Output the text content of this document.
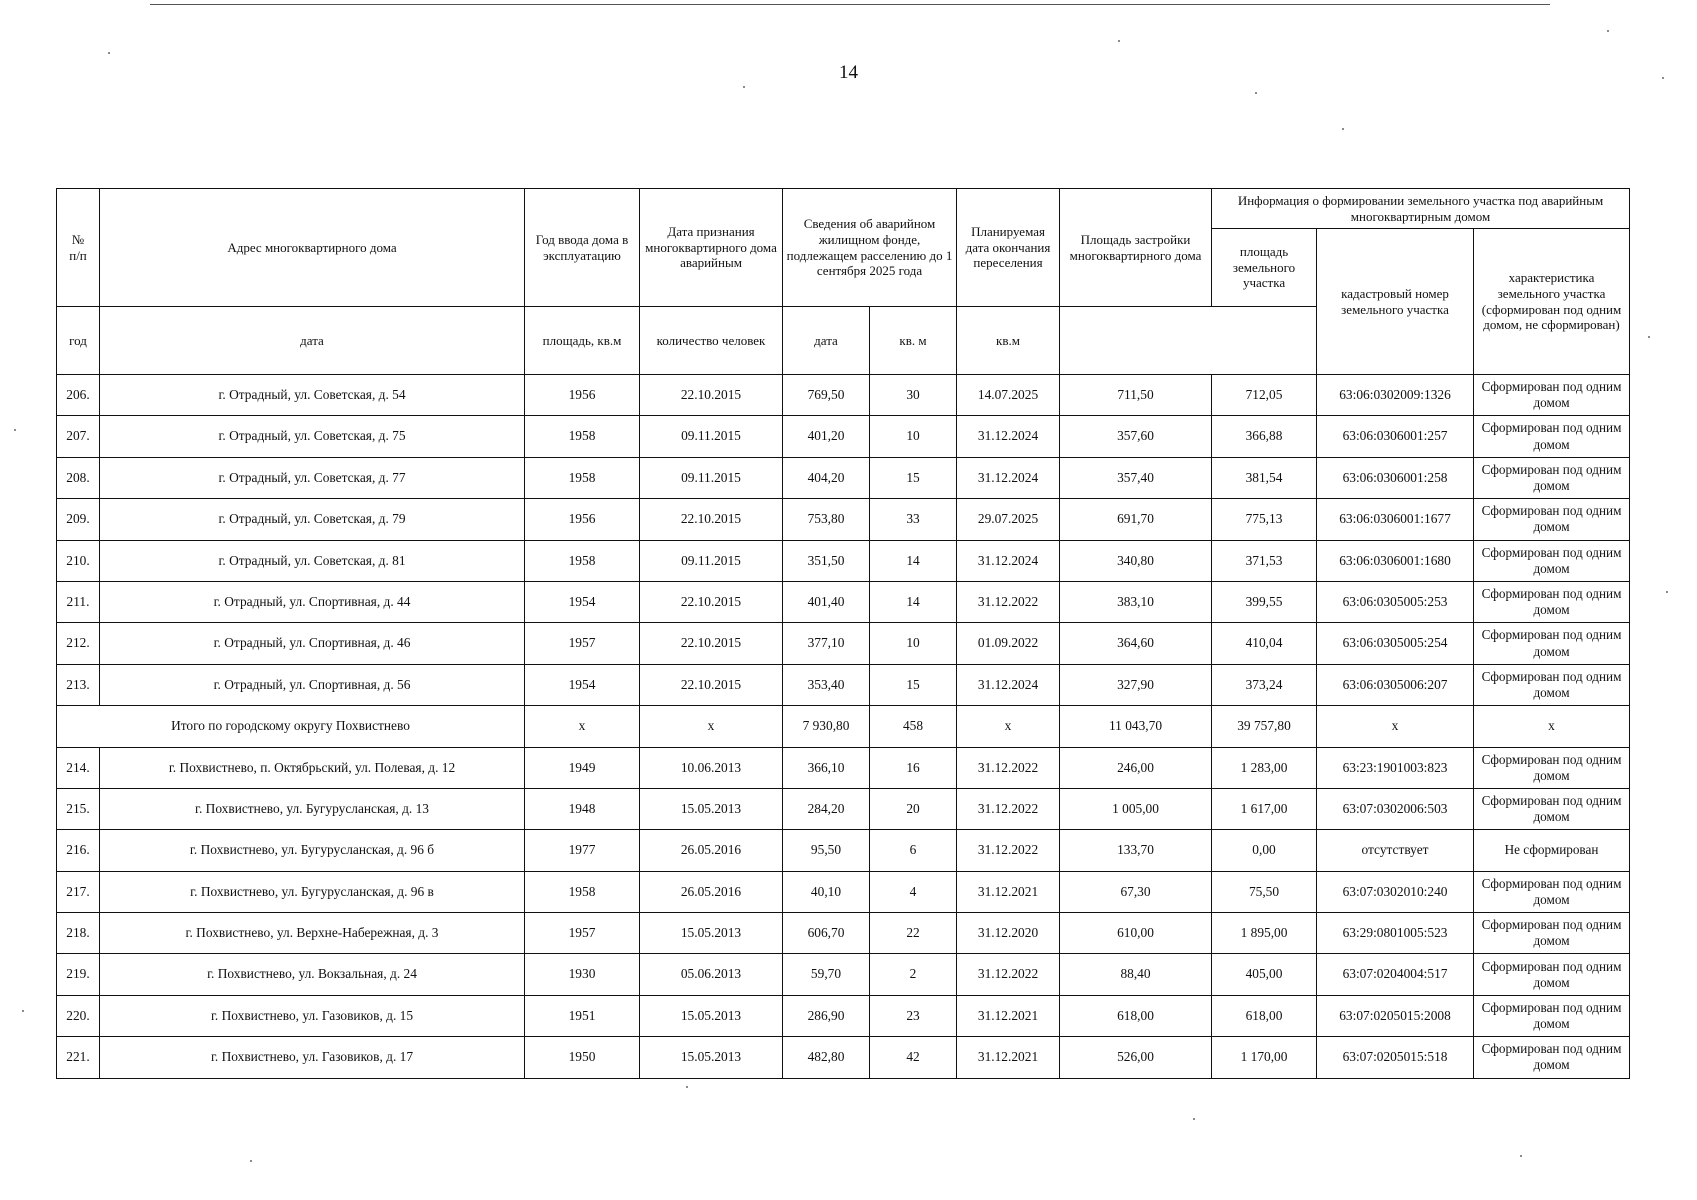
14
№
п/п	Адрес многоквартирного дома	Год ввода дома в эксплуатацию	Дата признания многоквартирного дома аварийным	Сведения об аварийном жилищном фонде, подлежащем расселению до 1 сентября 2025 года		Планируемая дата окончания переселения	Площадь застройки многоквартирного дома	Информация о формировании земельного участка под аварийным многоквартирным домом		
								площадь земельного участка	кадастровый номер земельного участка	характеристика земельного участка (сформирован под одним домом, не сформирован)
год	дата	площадь, кв.м	количество человек	дата	кв. м	кв.м				
206.	г. Отрадный, ул. Советская, д. 54	1956	22.10.2015	769,50	30	14.07.2025	711,50	712,05	63:06:0302009:1326	Сформирован под одним домом
207.	г. Отрадный, ул. Советская, д. 75	1958	09.11.2015	401,20	10	31.12.2024	357,60	366,88	63:06:0306001:257	Сформирован под одним домом
208.	г. Отрадный, ул. Советская, д. 77	1958	09.11.2015	404,20	15	31.12.2024	357,40	381,54	63:06:0306001:258	Сформирован под одним домом
209.	г. Отрадный, ул. Советская, д. 79	1956	22.10.2015	753,80	33	29.07.2025	691,70	775,13	63:06:0306001:1677	Сформирован под одним домом
210.	г. Отрадный, ул. Советская, д. 81	1958	09.11.2015	351,50	14	31.12.2024	340,80	371,53	63:06:0306001:1680	Сформирован под одним домом
211.	г. Отрадный, ул. Спортивная, д. 44	1954	22.10.2015	401,40	14	31.12.2022	383,10	399,55	63:06:0305005:253	Сформирован под одним домом
212.	г. Отрадный, ул. Спортивная, д. 46	1957	22.10.2015	377,10	10	01.09.2022	364,60	410,04	63:06:0305005:254	Сформирован под одним домом
213.	г. Отрадный, ул. Спортивная, д. 56	1954	22.10.2015	353,40	15	31.12.2024	327,90	373,24	63:06:0305006:207	Сформирован под одним домом
Итого по городскому округу Похвистнево		x	x	7 930,80	458	x	11 043,70	39 757,80	x	x
214.	г. Похвистнево, п. Октябрьский, ул. Полевая, д. 12	1949	10.06.2013	366,10	16	31.12.2022	246,00	1 283,00	63:23:1901003:823	Сформирован под одним домом
215.	г. Похвистнево, ул. Бугурусланская, д. 13	1948	15.05.2013	284,20	20	31.12.2022	1 005,00	1 617,00	63:07:0302006:503	Сформирован под одним домом
216.	г. Похвистнево, ул. Бугурусланская, д. 96 б	1977	26.05.2016	95,50	6	31.12.2022	133,70	0,00	отсутствует	Не сформирован
217.	г. Похвистнево, ул. Бугурусланская, д. 96 в	1958	26.05.2016	40,10	4	31.12.2021	67,30	75,50	63:07:0302010:240	Сформирован под одним домом
218.	г. Похвистнево, ул. Верхне-Набережная, д. 3	1957	15.05.2013	606,70	22	31.12.2020	610,00	1 895,00	63:29:0801005:523	Сформирован под одним домом
219.	г. Похвистнево, ул. Вокзальная, д. 24	1930	05.06.2013	59,70	2	31.12.2022	88,40	405,00	63:07:0204004:517	Сформирован под одним домом
220.	г. Похвистнево, ул. Газовиков, д. 15	1951	15.05.2013	286,90	23	31.12.2021	618,00	618,00	63:07:0205015:2008	Сформирован под одним домом
221.	г. Похвистнево, ул. Газовиков, д. 17	1950	15.05.2013	482,80	42	31.12.2021	526,00	1 170,00	63:07:0205015:518	Сформирован под одним домом
